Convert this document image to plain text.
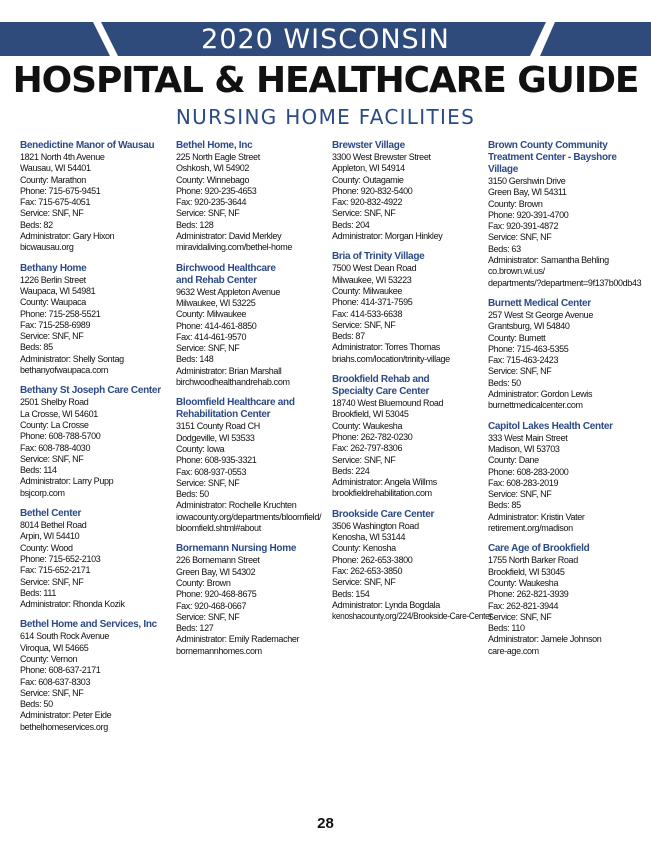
2020 WISCONSIN
HOSPITAL & HEALTHCARE GUIDE
NURSING HOME FACILITIES
Benedictine Manor of Wausau
1821 North 4th Avenue
Wausau, WI 54401
County: Marathon
Phone: 715-675-9451
Fax: 715-675-4051
Service: SNF, NF
Beds: 82
Administrator: Gary Hixon
bicwausau.org
Bethany Home
1226 Berlin Street
Waupaca, WI 54981
County: Waupaca
Phone: 715-258-5521
Fax: 715-258-6989
Service: SNF, NF
Beds: 85
Administrator: Shelly Sontag
bethanyofwaupaca.com
Bethany St Joseph Care Center
2501 Shelby Road
La Crosse, WI 54601
County: La Crosse
Phone: 608-788-5700
Fax: 608-788-4030
Service: SNF, NF
Beds: 114
Administrator: Larry Pupp
bsjcorp.com
Bethel Center
8014 Bethel Road
Arpin, WI 54410
County: Wood
Phone: 715-652-2103
Fax: 715-652-2171
Service: SNF, NF
Beds: 111
Administrator: Rhonda Kozik
Bethel Home and Services, Inc
614 South Rock Avenue
Viroqua, WI 54665
County: Vernon
Phone: 608-637-2171
Fax: 608-637-8303
Service: SNF, NF
Beds: 50
Administrator: Peter Eide
bethelhomeservices.org
Bethel Home, Inc
225 North Eagle Street
Oshkosh, WI 54902
County: Winnebago
Phone: 920-235-4653
Fax: 920-235-3644
Service: SNF, NF
Beds: 128
Administrator: David Merkley
miravidaliving.com/bethel-home
Birchwood Healthcare
and Rehab Center
9632 West Appleton Avenue
Milwaukee, WI 53225
County: Milwaukee
Phone: 414-461-8850
Fax: 414-461-9570
Service: SNF, NF
Beds: 148
Administrator: Brian Marshall
birchwoodhealthandrehab.com
Bloomfield Healthcare and
Rehabilitation Center
3151 County Road CH
Dodgeville, WI 53533
County: Iowa
Phone: 608-935-3321
Fax: 608-937-0553
Service: SNF, NF
Beds: 50
Administrator: Rochelle Kruchten
iowacounty.org/departments/bloomfield/
bloomfield.shtml#about
Bornemann Nursing Home
226 Bornemann Street
Green Bay, WI 54302
County: Brown
Phone: 920-468-8675
Fax: 920-468-0667
Service: SNF, NF
Beds: 127
Administrator: Emily Rademacher
bornemannhomes.com
Brewster Village
3300 West Brewster Street
Appleton, WI 54914
County: Outagamie
Phone: 920-832-5400
Fax: 920-832-4922
Service: SNF, NF
Beds: 204
Administrator: Morgan Hinkley
Bria of Trinity Village
7500 West Dean Road
Milwaukee, WI 53223
County: Milwaukee
Phone: 414-371-7595
Fax: 414-533-6638
Service: SNF, NF
Beds: 87
Administrator: Torres Thomas
briahs.com/location/trinity-village
Brookfield Rehab and
Specialty Care Center
18740 West Bluemound Road
Brookfield, WI 53045
County: Waukesha
Phone: 262-782-0230
Fax: 262-797-8306
Service: SNF, NF
Beds: 224
Administrator: Angela Willms
brookfieldrehabilitation.com
Brookside Care Center
3506 Washington Road
Kenosha, WI 53144
County: Kenosha
Phone: 262-653-3800
Fax: 262-653-3850
Service: SNF, NF
Beds: 154
Administrator: Lynda Bogdala
kenoshacounty.org/224/Brookside-Care-Center
Brown County Community
Treatment Center - Bayshore
Village
3150 Gershwin Drive
Green Bay, WI 54311
County: Brown
Phone: 920-391-4700
Fax: 920-391-4872
Service: SNF, NF
Beds: 63
Administrator: Samantha Behling
co.brown.wi.us/
departments/?department=9f137b00db43
Burnett Medical Center
257 West St George Avenue
Grantsburg, WI 54840
County: Burnett
Phone: 715-463-5355
Fax: 715-463-2423
Service: SNF, NF
Beds: 50
Administrator: Gordon Lewis
burnettmedicalcenter.com
Capitol Lakes Health Center
333 West Main Street
Madison, WI 53703
County: Dane
Phone: 608-283-2000
Fax: 608-283-2019
Service: SNF, NF
Beds: 85
Administrator: Kristin Vater
retirement.org/madison
Care Age of Brookfield
1755 North Barker Road
Brookfield, WI 53045
County: Waukesha
Phone: 262-821-3939
Fax: 262-821-3944
Service: SNF, NF
Beds: 110
Administrator: Jamele Johnson
care-age.com
28
